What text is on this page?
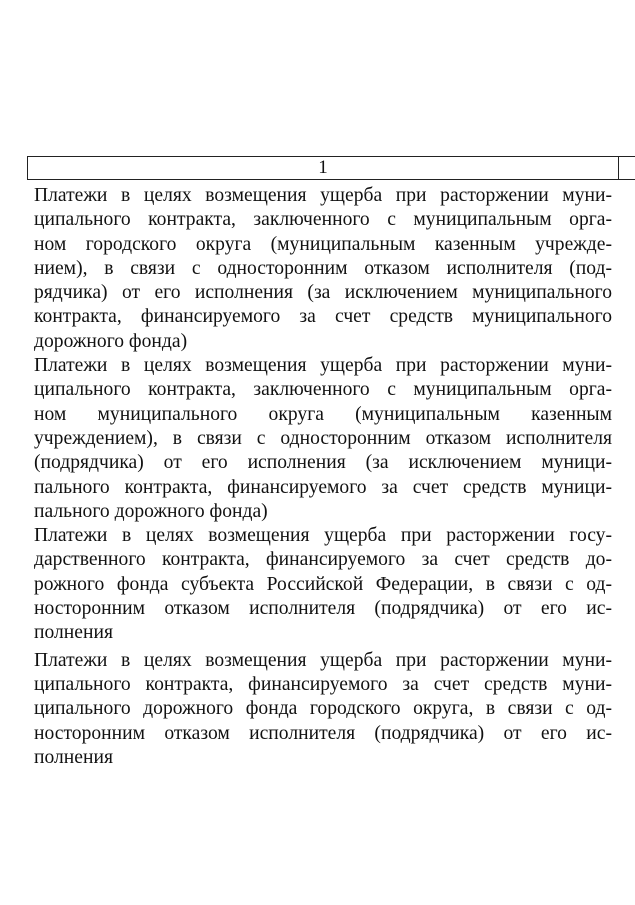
1

Платежи в целях возмещения ущерба при расторжении муни-
ципального контракта, заключенного с муниципальным орга-
ном городского округа (муниципальным казенным учрежде-
нием), в связи с односторонним отказом исполнителя (под-
рядчика) от его исполнения (за исключением муниципального
контракта, финансируемого за счет средств муниципального
дорожного фонда)

Платежи в целях возмещения ущерба при расторжении муни-
ципального контракта, заключенного с муниципальным орга-
ном муниципального округа (муниципальным казенным
учреждением), в связи с односторонним отказом исполнителя
(подрядчика) от его исполнения (за исключением муници-
пального контракта, финансируемого за счет средств муници-
пального дорожного фонда)

Платежи в целях возмещения ущерба при расторжении госу-
дарственного контракта, финансируемого за счет средств до-
рожного фонда субъекта Российской Федерации, в связи с од-
носторонним отказом исполнителя (подрядчика) от его ис-
полнения

Платежи в целях возмещения ущерба при расторжении муни-
ципального контракта, финансируемого за счет средств муни-
ципального дорожного фонда городского округа, в связи с од-
носторонним отказом исполнителя (подрядчика) от его ис-
полнения
